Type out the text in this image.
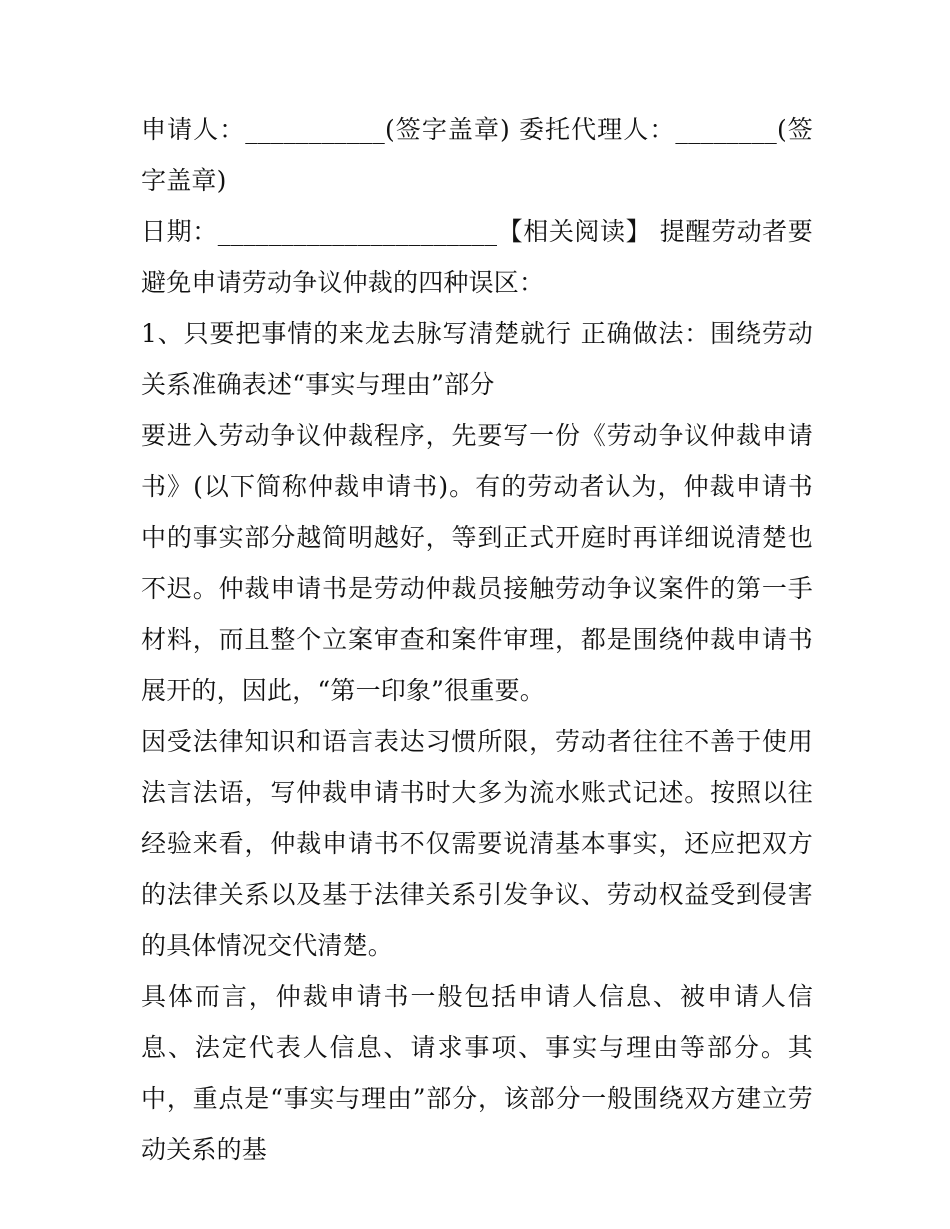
申请人：___________(签字盖章) 委托代理人：________(签字盖章)

日期：______________________【相关阅读】 提醒劳动者要避免申请劳动争议仲裁的四种误区：

1、只要把事情的来龙去脉写清楚就行 正确做法：围绕劳动关系准确表述“事实与理由”部分

要进入劳动争议仲裁程序，先要写一份《劳动争议仲裁申请书》(以下简称仲裁申请书)。有的劳动者认为，仲裁申请书中的事实部分越简明越好，等到正式开庭时再详细说清楚也不迟。仲裁申请书是劳动仲裁员接触劳动争议案件的第一手材料，而且整个立案审查和案件审理，都是围绕仲裁申请书展开的，因此，“第一印象”很重要。

因受法律知识和语言表达习惯所限，劳动者往往不善于使用法言法语，写仲裁申请书时大多为流水账式记述。按照以往经验来看，仲裁申请书不仅需要说清基本事实，还应把双方的法律关系以及基于法律关系引发争议、劳动权益受到侵害的具体情况交代清楚。

具体而言，仲裁申请书一般包括申请人信息、被申请人信息、法定代表人信息、请求事项、事实与理由等部分。其中，重点是“事实与理由”部分，该部分一般围绕双方建立劳动关系的基
